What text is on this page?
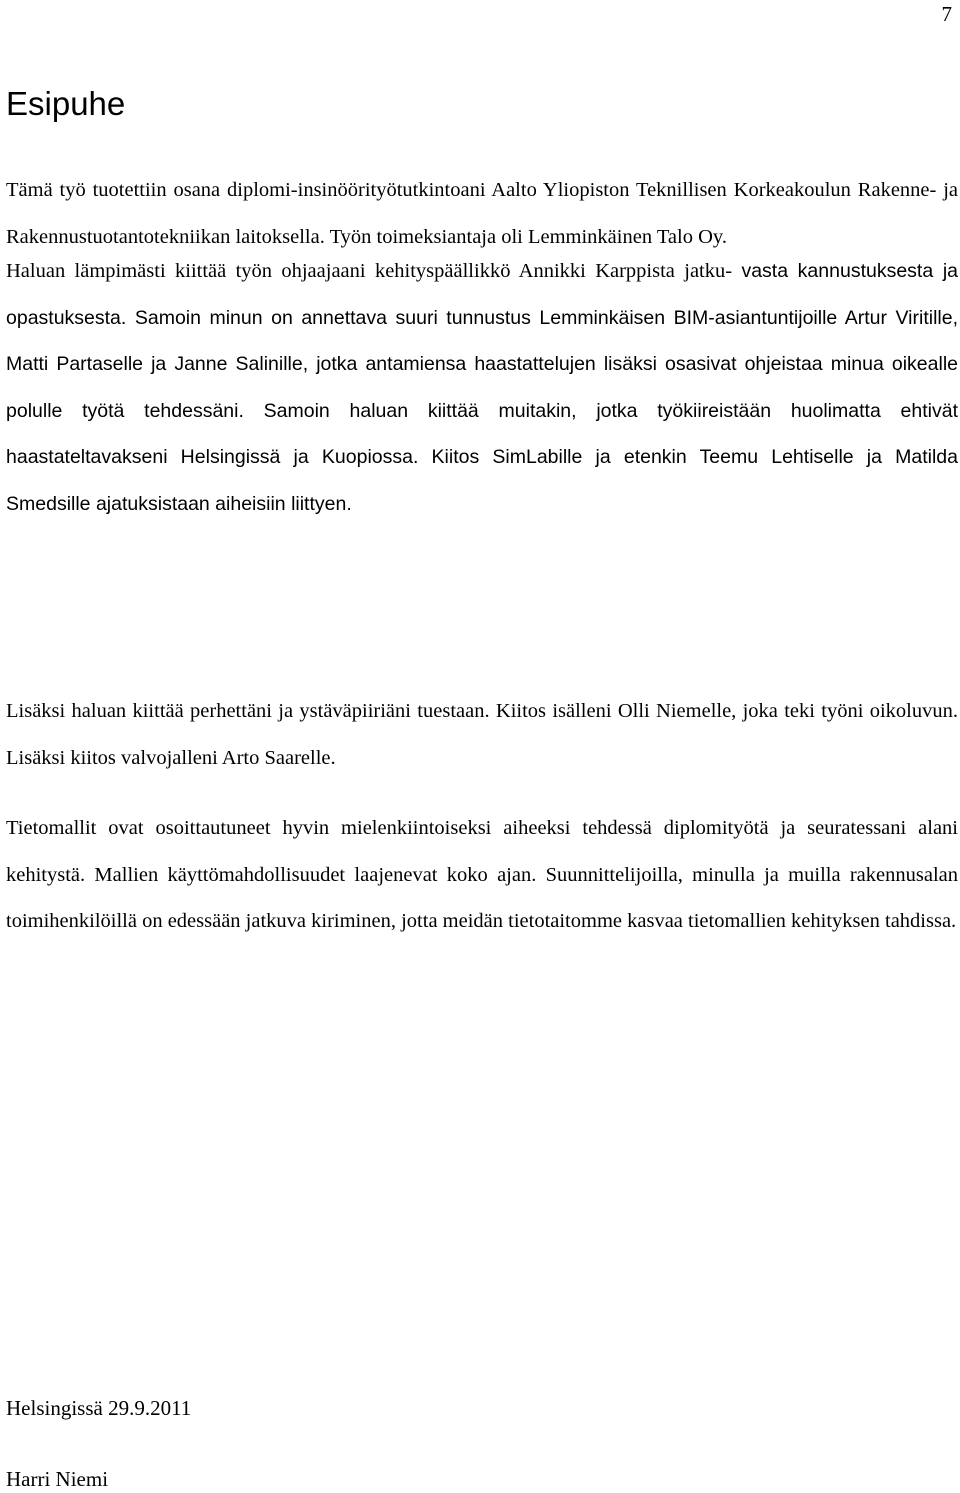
7
Esipuhe

Tämä työ tuotettiin osana diplomi-insinöörityötutkintoani Aalto Yliopiston Teknillisen Korkeakoulun Rakenne- ja Rakennustuotantotekniikan laitoksella. Työn toimeksiantaja oli Lemminkäinen Talo Oy.

Haluan lämpimästi kiittää työn ohjaajaani kehityspäällikkö Annikki Karppista jatku- vasta kannustuksesta ja opastuksesta. Samoin minun on annettava suuri tunnustus Lemminkäisen BIM-asiantuntijoille Artur Viritille, Matti Partaselle ja Janne Salinille, jotka antamiensa haastattelujen lisäksi osasivat ohjeistaa minua oikealle polulle työtä tehdessäni. Samoin haluan kiittää muitakin, jotka työkiireistään huolimatta ehtivät haastateltavakseni Helsingissä ja Kuopiossa. Kiitos SimLabille ja etenkin Teemu Lehtiselle ja Matilda Smedsille ajatuksistaan aiheisiin liittyen.

Lisäksi haluan kiittää perhettäni ja ystäväpiiriäni tuestaan. Kiitos isälleni Olli Niemelle, joka teki työni oikoluvun. Lisäksi kiitos valvojalleni Arto Saarelle.

Tietomallit ovat osoittautuneet hyvin mielenkiintoiseksi aiheeksi tehdessä diplomityötä ja seuratessani alani kehitystä. Mallien käyttömahdollisuudet laajenevat koko ajan. Suunnittelijoilla, minulla ja muilla rakennusalan toimihenkilöillä on edessään jatkuva kiriminen, jotta meidän tietotaitomme kasvaa tietomallien kehityksen tahdissa.

Helsingissä 29.9.2011
Harri Niemi
